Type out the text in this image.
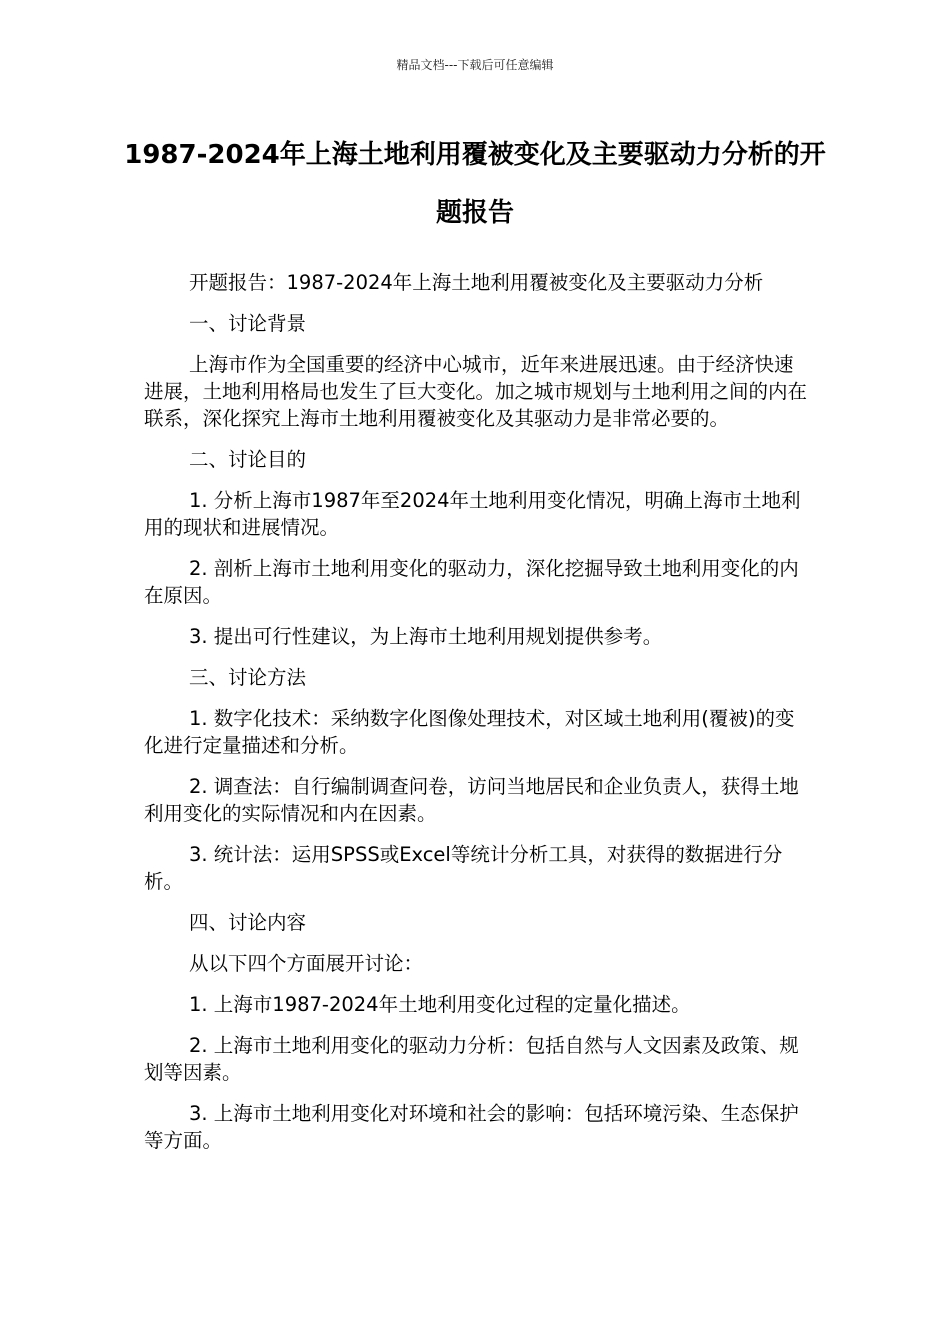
精品文档---下载后可任意编辑
1987-2024年上海土地利用覆被变化及主要驱动力分析的开题报告

开题报告：1987-2024年上海土地利用覆被变化及主要驱动力分析

一、讨论背景

上海市作为全国重要的经济中心城市，近年来进展迅速。由于经济快速进展，土地利用格局也发生了巨大变化。加之城市规划与土地利用之间的内在联系，深化探究上海市土地利用覆被变化及其驱动力是非常必要的。

二、讨论目的

1. 分析上海市1987年至2024年土地利用变化情况，明确上海市土地利用的现状和进展情况。

2. 剖析上海市土地利用变化的驱动力，深化挖掘导致土地利用变化的内在原因。

3. 提出可行性建议，为上海市土地利用规划提供参考。

三、讨论方法

1. 数字化技术：采纳数字化图像处理技术，对区域土地利用(覆被)的变化进行定量描述和分析。

2. 调查法：自行编制调查问卷，访问当地居民和企业负责人，获得土地利用变化的实际情况和内在因素。

3. 统计法：运用SPSS或Excel等统计分析工具，对获得的数据进行分析。

四、讨论内容

从以下四个方面展开讨论：

1. 上海市1987-2024年土地利用变化过程的定量化描述。

2. 上海市土地利用变化的驱动力分析：包括自然与人文因素及政策、规划等因素。

3. 上海市土地利用变化对环境和社会的影响：包括环境污染、生态保护等方面。
